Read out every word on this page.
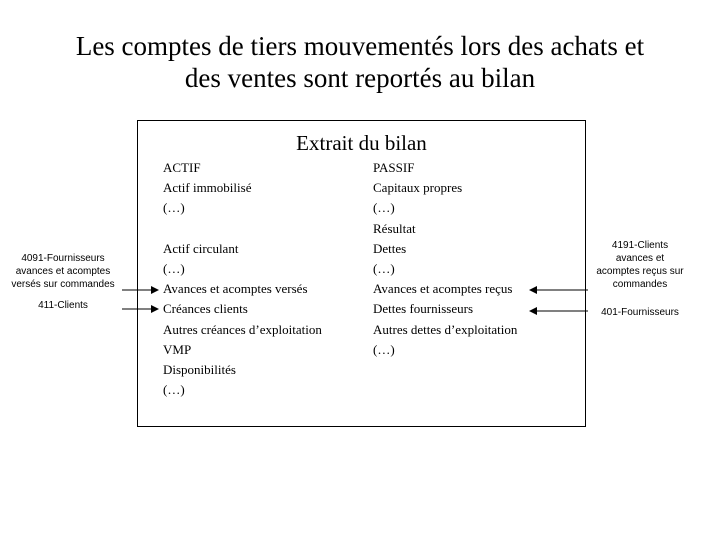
Les comptes de tiers mouvementés lors des achats et
des ventes sont reportés au bilan
Extrait du bilan
ACTIF
Actif immobilisé
(…)
Actif circulant
(…)
Avances et acomptes versés
Créances clients
Autres créances d’exploitation
VMP
Disponibilités
(…)
PASSIF
Capitaux propres
(…)
Résultat
Dettes
(…)
Avances et acomptes reçus
Dettes fournisseurs
Autres dettes d’exploitation
(…)
4091-Fournisseurs
avances et acomptes
versés sur commandes
411-Clients
4191-Clients
avances et
acomptes reçus sur
commandes
401-Fournisseurs
